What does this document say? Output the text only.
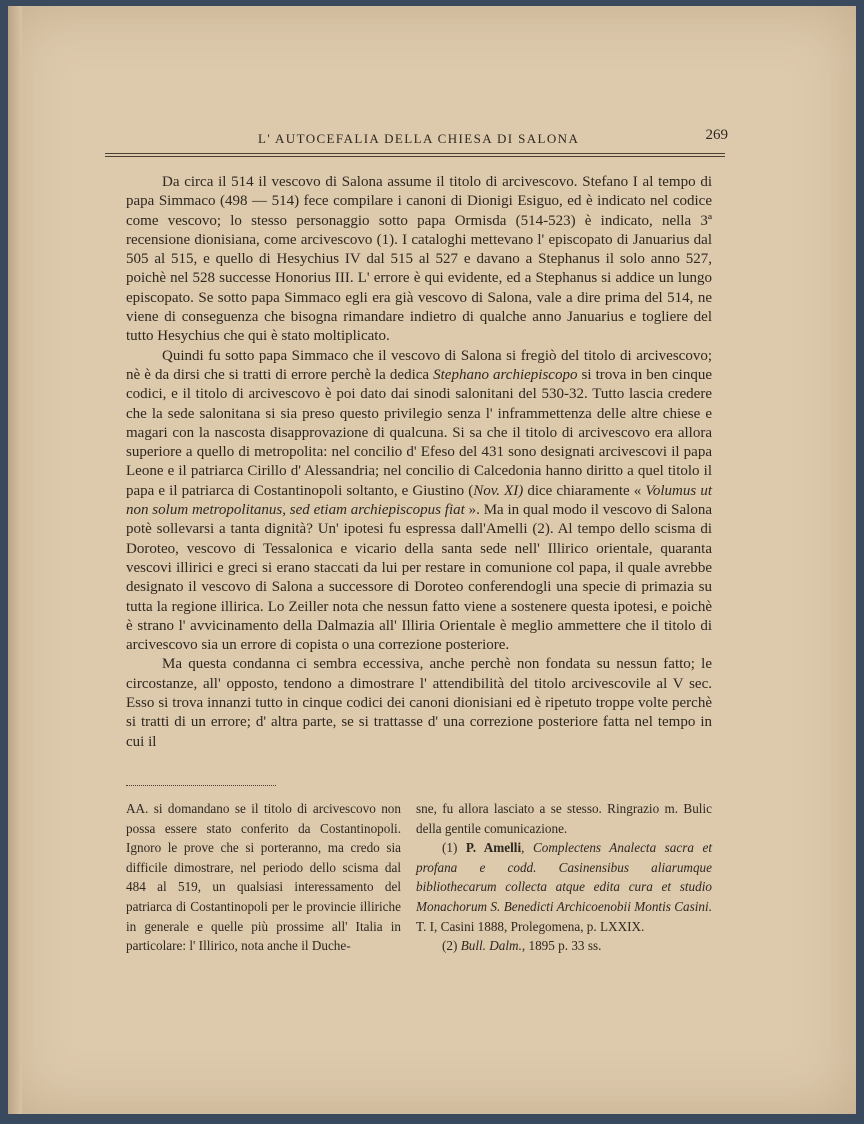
L' AUTOCEFALIA DELLA CHIESA DI SALONA	269

Da circa il 514 il vescovo di Salona assume il titolo di arcivescovo. Stefano I al tempo di papa Simmaco (498 — 514) fece compilare i canoni di Dionigi Esiguo, ed è indicato nel codice come vescovo; lo stesso personaggio sotto papa Ormisda (514-523) è indicato, nella 3ª recensione dionisiana, come arcivescovo (1). I cataloghi mettevano l' episcopato di Januarius dal 505 al 515, e quello di Hesychius IV dal 515 al 527 e davano a Stephanus il solo anno 527, poichè nel 528 successe Honorius III. L' errore è qui evidente, ed a Stephanus si addice un lungo episcopato. Se sotto papa Simmaco egli era già vescovo di Salona, vale a dire prima del 514, ne viene di conseguenza che bisogna rimandare indietro di qualche anno Januarius e togliere del tutto Hesychius che qui è stato moltiplicato.

Quindi fu sotto papa Simmaco che il vescovo di Salona si fregiò del titolo di arcivescovo; nè è da dirsi che si tratti di errore perchè la dedica Stephano archiepiscopo si trova in ben cinque codici, e il titolo di arcivescovo è poi dato dai sinodi salonitani del 530-32. Tutto lascia credere che la sede salonitana si sia preso questo privilegio senza l' inframmettenza delle altre chiese e magari con la nascosta disapprovazione di qualcuna. Si sa che il titolo di arcivescovo era allora superiore a quello di metropolita: nel concilio d' Efeso del 431 sono designati arcivescovi il papa Leone e il patriarca Cirillo d' Alessandria; nel concilio di Calcedonia hanno diritto a quel titolo il papa e il patriarca di Costantinopoli soltanto, e Giustino (Nov. XI) dice chiaramente « Volumus ut non solum metropolitanus, sed etiam archiepiscopus fiat ». Ma in qual modo il vescovo di Salona potè sollevarsi a tanta dignità? Un' ipotesi fu espressa dall'Amelli (2). Al tempo dello scisma di Doroteo, vescovo di Tessalonica e vicario della santa sede nell' Illirico orientale, quaranta vescovi illirici e greci si erano staccati da lui per restare in comunione col papa, il quale avrebbe designato il vescovo di Salona a successore di Doroteo conferendogli una specie di primazia su tutta la regione illirica. Lo Zeiller nota che nessun fatto viene a sostenere questa ipotesi, e poichè è strano l' avvicinamento della Dalmazia all' Illiria Orientale è meglio ammettere che il titolo di arcivescovo sia un errore di copista o una correzione posteriore.

Ma questa condanna ci sembra eccessiva, anche perchè non fondata su nessun fatto; le circostanze, all' opposto, tendono a dimostrare l' attendibilità del titolo arcivescovile al V sec. Esso si trova innanzi tutto in cinque codici dei canoni dionisiani ed è ripetuto troppe volte perchè si tratti di un errore; d' altra parte, se si trattasse d' una correzione posteriore fatta nel tempo in cui il

AA. si domandano se il titolo di arcivescovo non possa essere stato conferito da Costantinopoli. Ignoro le prove che si porteranno, ma credo sia difficile dimostrare, nel periodo dello scisma dal 484 al 519, un qualsiasi interessamento del patriarca di Costantinopoli per le provincie illiriche in generale e quelle più prossime all' Italia in particolare: l' Illirico, nota anche il Duche-

sne, fu allora lasciato a se stesso. Ringrazio m. Bulic della gentile comunicazione.

(1) P. Amelli, Complectens Analecta sacra et profana e codd. Casinensibus aliarumque bibliothecarum collecta atque edita cura et studio Monachorum S. Benedicti Archicoenobii Montis Casini. T. I, Casini 1888, Prolegomena, p. LXXIX.

(2) Bull. Dalm., 1895 p. 33 ss.
